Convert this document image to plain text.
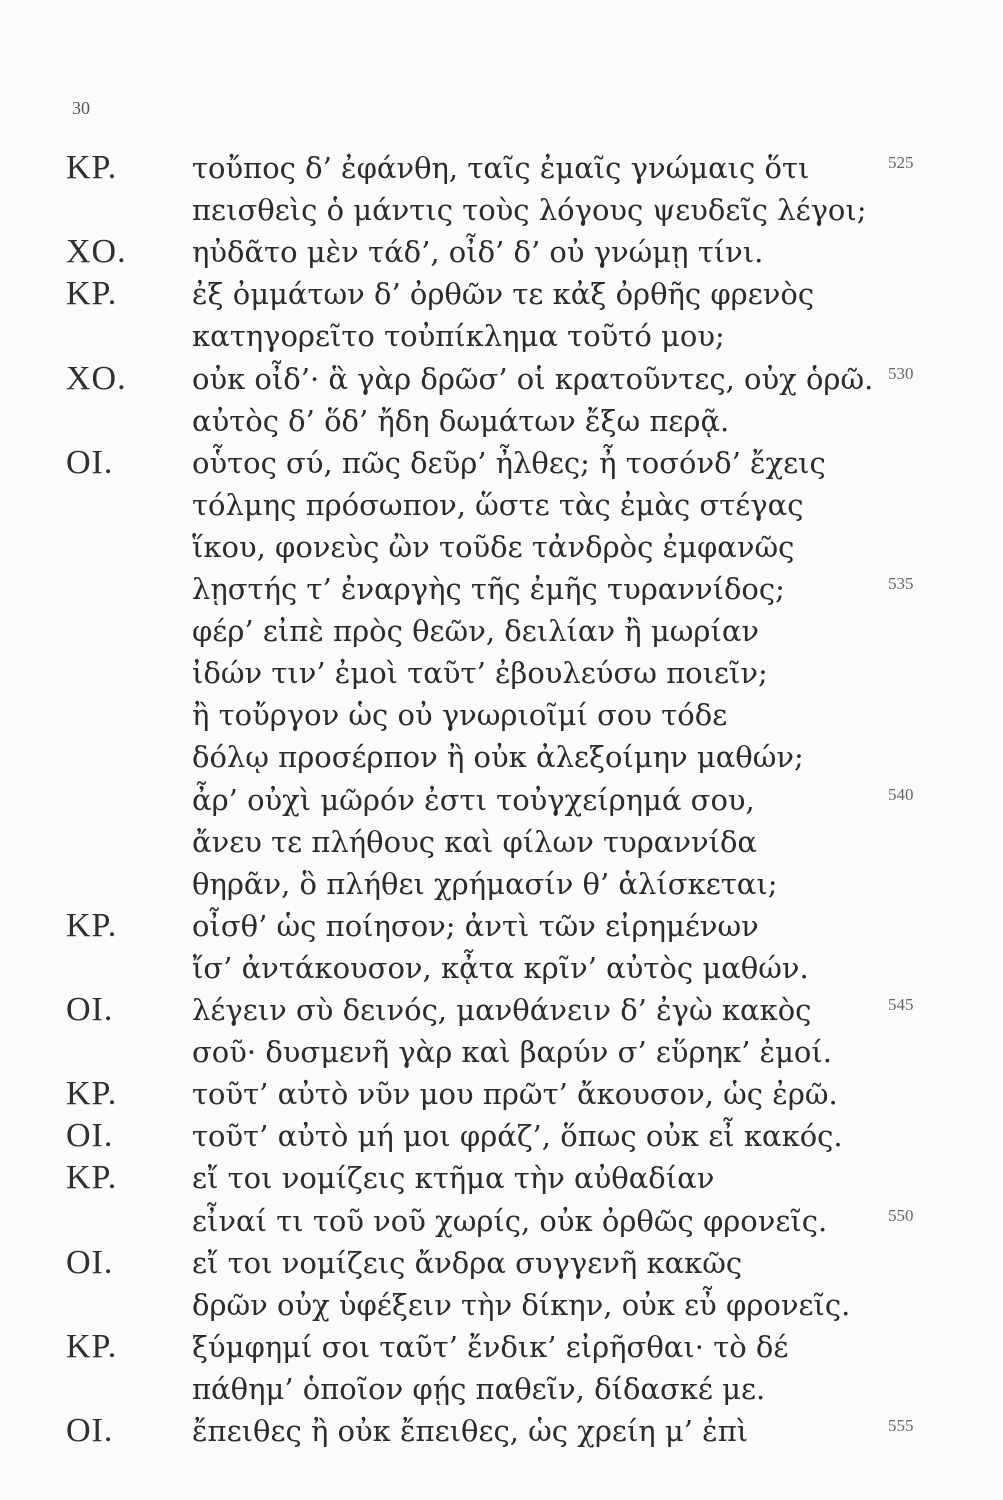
30
ΚΡ.	τοὔπος δ’ ἐφάνθη, ταῖς ἐμαῖς γνώμαις ὅτι	525
πεισθεὶς ὁ μάντις τοὺς λόγους ψευδεῖς λέγοι;
ΧΟ. ηὐδᾶτο μὲν τάδ’, οἶδ’ δ’ οὐ γνώμῃ τίνι.
ΚΡ.	ἐξ ὀμμάτων δ’ ὀρθῶν τε κἀξ ὀρθῆς φρενὸς
κατηγορεῖτο τοὐπίκλημα τοῦτό μου;
ΧΟ. οὐκ οἶδ’· ἃ γὰρ δρῶσ’ οἱ κρατοῦντες, οὐχ ὁρῶ. 530
αὐτὸς δ’ ὅδ’ ἤδη δωμάτων ἔξω περᾷ.
ΟΙ.	οὗτος σύ, πῶς δεῦρ’ ἦλθες; ἦ τοσόνδ’ ἔχεις
τόλμης πρόσωπον, ὥστε τὰς ἐμὰς στέγας
ἵκου, φονεὺς ὢν τοῦδε τἀνδρὸς ἐμφανῶς
λῃστής τ’ ἐναργὴς τῆς ἐμῆς τυραννίδος;	535
φέρ’ εἰπὲ πρὸς θεῶν, δειλίαν ἢ μωρίαν
ἰδών τιν’ ἐμοὶ ταῦτ’ ἐβουλεύσω ποιεῖν;
ἢ τοὔργον ὡς οὐ γνωριοῖμί σου τόδε
δόλῳ προσέρπον ἢ οὐκ ἀλεξοίμην μαθών;
ἆρ’ οὐχὶ μῶρόν ἐστι τοὐγχείρημά σου,	540
ἄνευ τε πλήθους καὶ φίλων τυραννίδα
θηρᾶν, ὃ πλήθει χρήμασίν θ’ ἁλίσκεται;
ΚΡ.	οἶσθ’ ὡς ποίησον; ἀντὶ τῶν εἰρημένων
ἴσ’ ἀντάκουσον, κᾆτα κρῖν’ αὐτὸς μαθών.
ΟΙ.	λέγειν σὺ δεινός, μανθάνειν δ’ ἐγὼ κακὸς	545
σοῦ· δυσμενῆ γὰρ καὶ βαρύν σ’ εὕρηκ’ ἐμοί.
ΚΡ.	τοῦτ’ αὐτὸ νῦν μου πρῶτ’ ἄκουσον, ὡς ἐρῶ.
ΟΙ.	τοῦτ’ αὐτὸ μή μοι φράζ’, ὅπως οὐκ εἶ κακός.
ΚΡ.	εἴ τοι νομίζεις κτῆμα τὴν αὐθαδίαν
εἶναί τι τοῦ νοῦ χωρίς, οὐκ ὀρθῶς φρονεῖς.	550
ΟΙ.	εἴ τοι νομίζεις ἄνδρα συγγενῆ κακῶς
δρῶν οὐχ ὑφέξειν τὴν δίκην, οὐκ εὖ φρονεῖς.
ΚΡ.	ξύμφημί σοι ταῦτ’ ἔνδικ’ εἰρῆσθαι· τὸ δέ
πάθημ’ ὁποῖον φῄς παθεῖν, δίδασκέ με.
ΟΙ.	ἔπειθες ἢ οὐκ ἔπειθες, ὡς χρείη μ’ ἐπὶ	555
